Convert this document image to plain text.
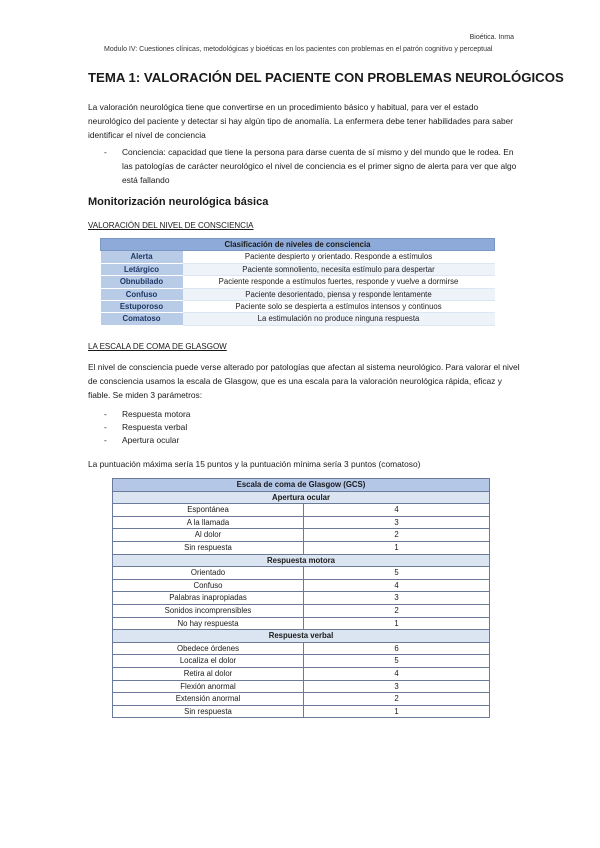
Bioética. Inma
Modulo IV: Cuestiones clínicas, metodológicas y bioéticas en los pacientes con problemas en el patrón cognitivo y perceptual
TEMA 1: VALORACIÓN DEL PACIENTE CON PROBLEMAS NEUROLÓGICOS
La valoración neurológica tiene que convertirse en un procedimiento básico y habitual, para ver el estado neurológico del paciente y detectar si hay algún tipo de anomalía. La enfermera debe tener habilidades para saber identificar el nivel de conciencia
- Conciencia: capacidad que tiene la persona para darse cuenta de sí mismo y del mundo que le rodea. En las patologías de carácter neurológico el nivel de conciencia es el primer signo de alerta para ver que algo está fallando
Monitorización neurológica básica
VALORACIÓN DEL NIVEL DE CONSCIENCIA
Clasificación de niveles de consciencia	
Alerta	Paciente despierto y orientado. Responde a estímulos
Letárgico	Paciente somnoliento, necesita estímulo para despertar
Obnubilado	Paciente responde a estímulos fuertes, responde y vuelve a dormirse
Confuso	Paciente desorientado, piensa y responde lentamente
Estuporoso	Paciente solo se despierta a estímulos intensos y continuos
Comatoso	La estimulación no produce ninguna respuesta
LA ESCALA DE COMA DE GLASGOW
El nivel de consciencia puede verse alterado por patologías que afectan al sistema neurológico. Para valorar el nivel de consciencia usamos la escala de Glasgow, que es una escala para la valoración neurológica rápida, eficaz y fiable. Se miden 3 parámetros:
- Respuesta motora
- Respuesta verbal
- Apertura ocular
La puntuación máxima sería 15 puntos y la puntuación mínima sería 3 puntos (comatoso)
Escala de coma de Glasgow (GCS)	
Apertura ocular	
Espontánea	4
A la llamada	3
Al dolor	2
Sin respuesta	1
Respuesta motora	
Orientado	5
Confuso	4
Palabras inapropiadas	3
Sonidos incomprensibles	2
No hay respuesta	1
Respuesta verbal	
Obedece órdenes	6
Localiza el dolor	5
Retira al dolor	4
Flexión anormal	3
Extensión anormal	2
Sin respuesta	1
